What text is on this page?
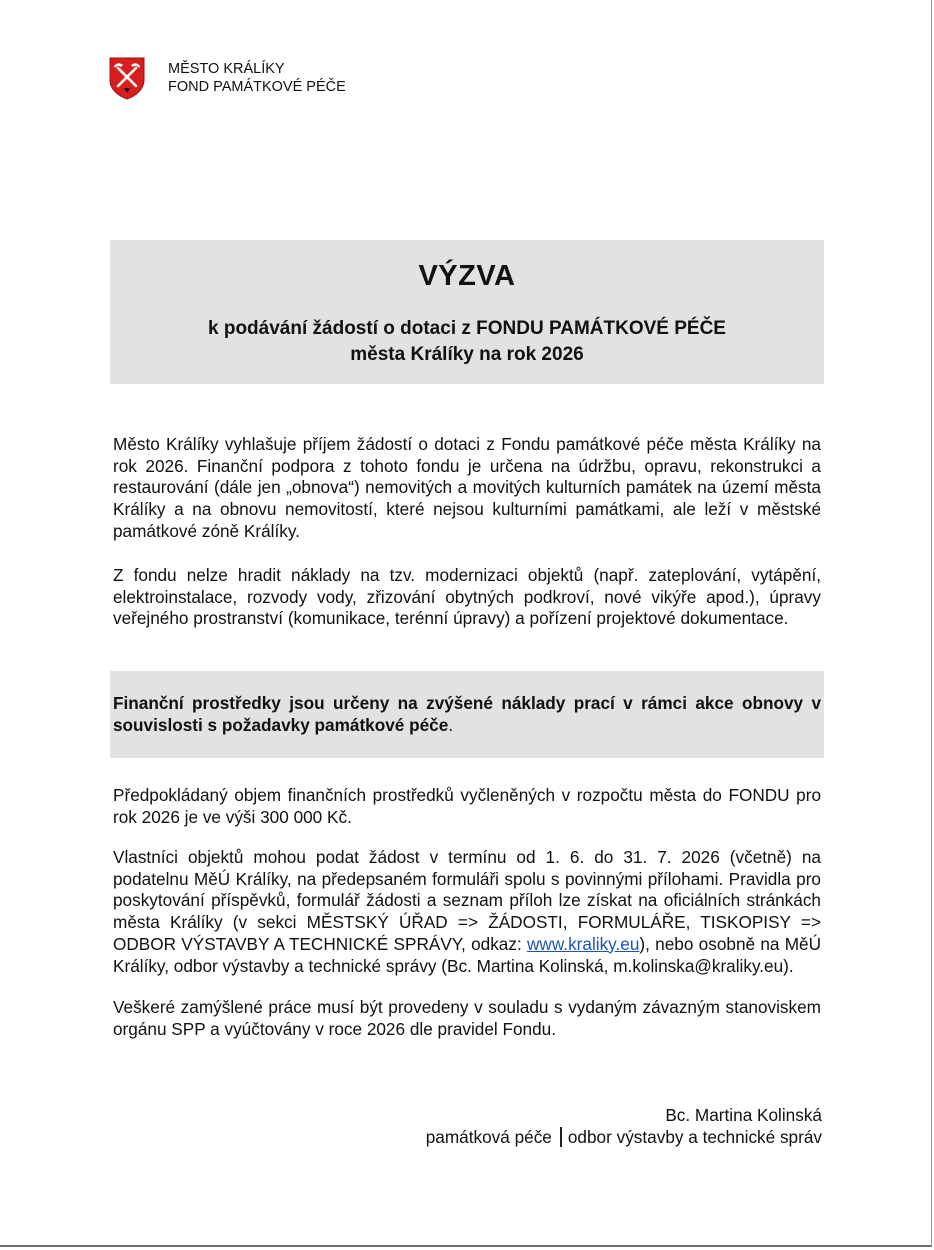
MĚSTO KRÁLÍKY
FOND PAMÁTKOVÉ PÉČE
VÝZVA
k podávání žádostí o dotaci z FONDU PAMÁTKOVÉ PÉČE
města Králíky na rok 2026

Město Králíky vyhlašuje příjem žádostí o dotaci z Fondu památkové péče města Králíky na rok 2026. Finanční podpora z tohoto fondu je určena na údržbu, opravu, rekonstrukci a restaurování (dále jen „obnova“) nemovitých a movitých kulturních památek na území města Králíky a na obnovu nemovitostí, které nejsou kulturními památkami, ale leží v městské památkové zóně Králíky.

Z fondu nelze hradit náklady na tzv. modernizaci objektů (např. zateplování, vytápění, elektroinstalace, rozvody vody, zřizování obytných podkroví, nové vikýře apod.), úpravy veřejného prostranství (komunikace, terénní úpravy) a pořízení projektové dokumentace.

Finanční prostředky jsou určeny na zvýšené náklady prací v rámci akce obnovy v souvislosti s požadavky památkové péče.

Předpokládaný objem finančních prostředků vyčleněných v rozpočtu města do FONDU pro rok 2026 je ve výši 300 000 Kč.

Vlastníci objektů mohou podat žádost v termínu od 1. 6. do 31. 7. 2026 (včetně) na podatelnu MěÚ Králíky, na předepsaném formuláři spolu s povinnými přílohami. Pravidla pro poskytování příspěvků, formulář žádosti a seznam příloh lze získat na oficiálních stránkách města Králíky (v sekci MĚSTSKÝ ÚŘAD => ŽÁDOSTI, FORMULÁŘE, TISKOPISY => ODBOR VÝSTAVBY A TECHNICKÉ SPRÁVY, odkaz: www.kraliky.eu), nebo osobně na MěÚ Králíky, odbor výstavby a technické správy (Bc. Martina Kolinská, m.kolinska@kraliky.eu).

Veškeré zamýšlené práce musí být provedeny v souladu s vydaným závazným stanoviskem orgánu SPP a vyúčtovány v roce 2026 dle pravidel Fondu.

Bc. Martina Kolinská
památková péče odbor výstavby a technické správ
